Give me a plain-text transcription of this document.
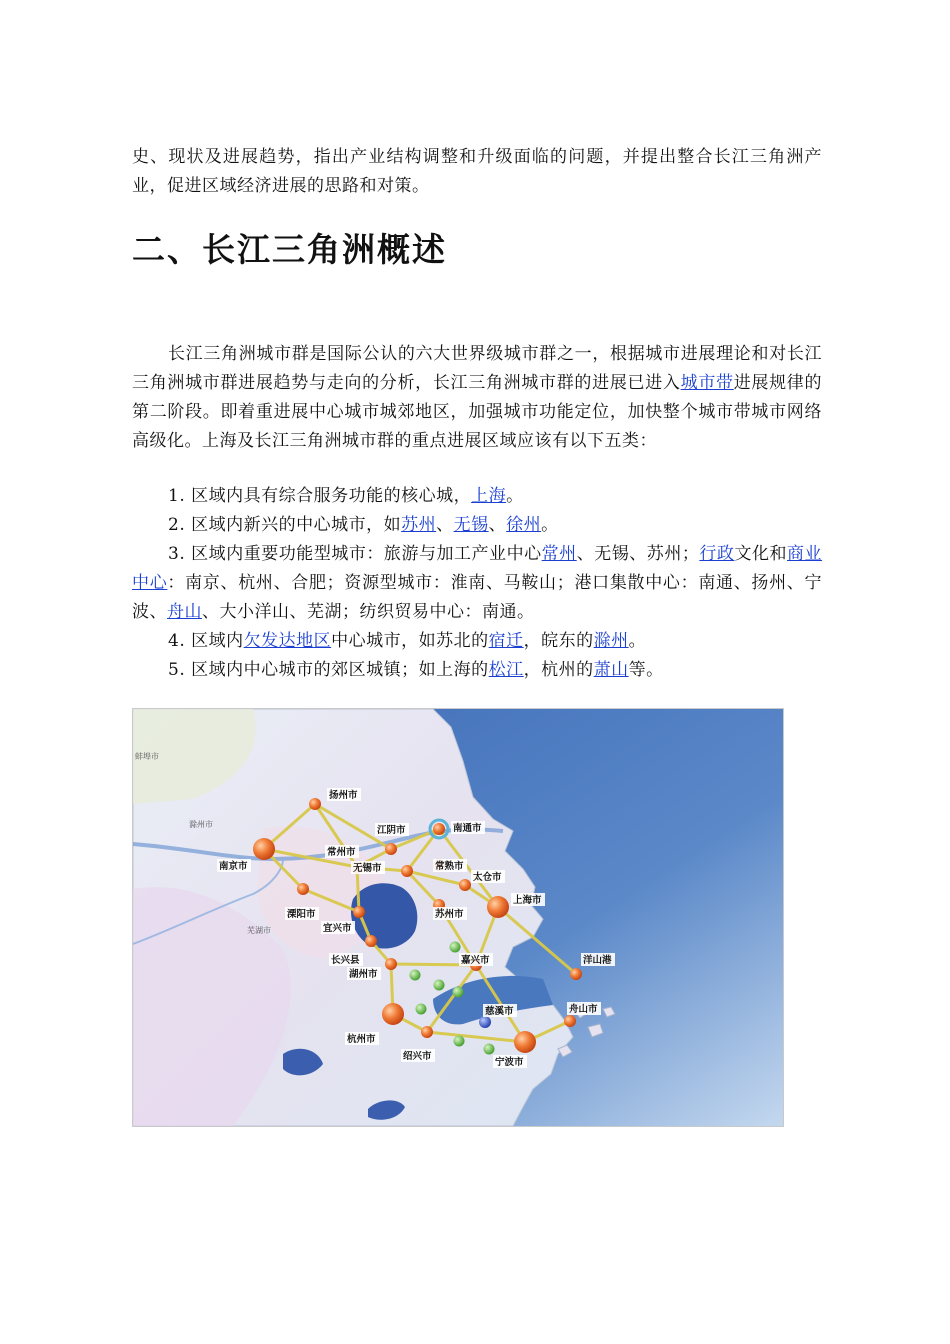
史、现状及进展趋势，指出产业结构调整和升级面临的问题，并提出整合长江三角洲产业，促进区域经济进展的思路和对策。

二、长江三角洲概述

长江三角洲城市群是国际公认的六大世界级城市群之一，根据城市进展理论和对长江三角洲城市群进展趋势与走向的分析，长江三角洲城市群的进展已进入城市带进展规律的第二阶段。即着重进展中心城市城郊地区，加强城市功能定位，加快整个城市带城市网络高级化。上海及长江三角洲城市群的重点进展区域应该有以下五类：

1. 区域内具有综合服务功能的核心城，上海。
2. 区域内新兴的中心城市，如苏州、无锡、徐州。
3. 区域内重要功能型城市：旅游与加工产业中心常州、无锡、苏州；行政文化和商业中心：南京、杭州、合肥；资源型城市：淮南、马鞍山；港口集散中心：南通、扬州、宁波、舟山、大小洋山、芜湖；纺织贸易中心：南通。
4. 区域内欠发达地区中心城市，如苏北的宿迁，皖东的滁州。
5. 区域内中心城市的郊区城镇；如上海的松江，杭州的萧山等。
蚌埠市
滁州市
芜湖市
扬州市
江阴市	南通市
南京市
常州市
无锡市	常熟市
太仓市
上海市
溧阳市	苏州市
宜兴市
长兴县
湖州市
嘉兴市	洋山港
慈溪市	舟山市
杭州市
绍兴市
宁波市
